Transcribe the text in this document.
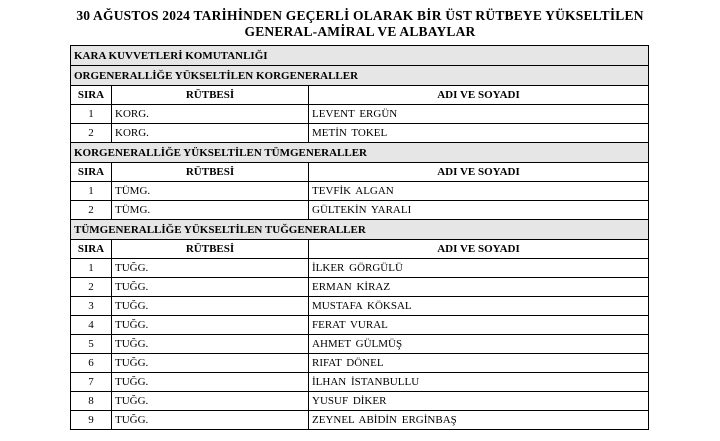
30 AĞUSTOS 2024 TARİHİNDEN GEÇERLİ OLARAK BİR ÜST RÜTBEYE YÜKSELTİLEN
GENERAL-AMİRAL VE ALBAYLAR
KARA KUVVETLERİ KOMUTANLIĞI		
ORGENERALLİĞE YÜKSELTİLEN KORGENERALLER		
SIRA	RÜTBESİ	ADI VE SOYADI
1	KORG.	LEVENT ERGÜN
2	KORG.	METİN TOKEL
KORGENERALLİĞE YÜKSELTİLEN TÜMGENERALLER		
SIRA	RÜTBESİ	ADI VE SOYADI
1	TÜMG.	TEVFİK ALGAN
2	TÜMG.	GÜLTEKİN YARALI
TÜMGENERALLİĞE YÜKSELTİLEN TUĞGENERALLER		
SIRA	RÜTBESİ	ADI VE SOYADI
1	TUĞG.	İLKER GÖRGÜLÜ
2	TUĞG.	ERMAN KİRAZ
3	TUĞG.	MUSTAFA KÖKSAL
4	TUĞG.	FERAT VURAL
5	TUĞG.	AHMET GÜLMÜŞ
6	TUĞG.	RIFAT DÖNEL
7	TUĞG.	İLHAN İSTANBULLU
8	TUĞG.	YUSUF DİKER
9	TUĞG.	ZEYNEL ABİDİN ERGİNBAŞ
